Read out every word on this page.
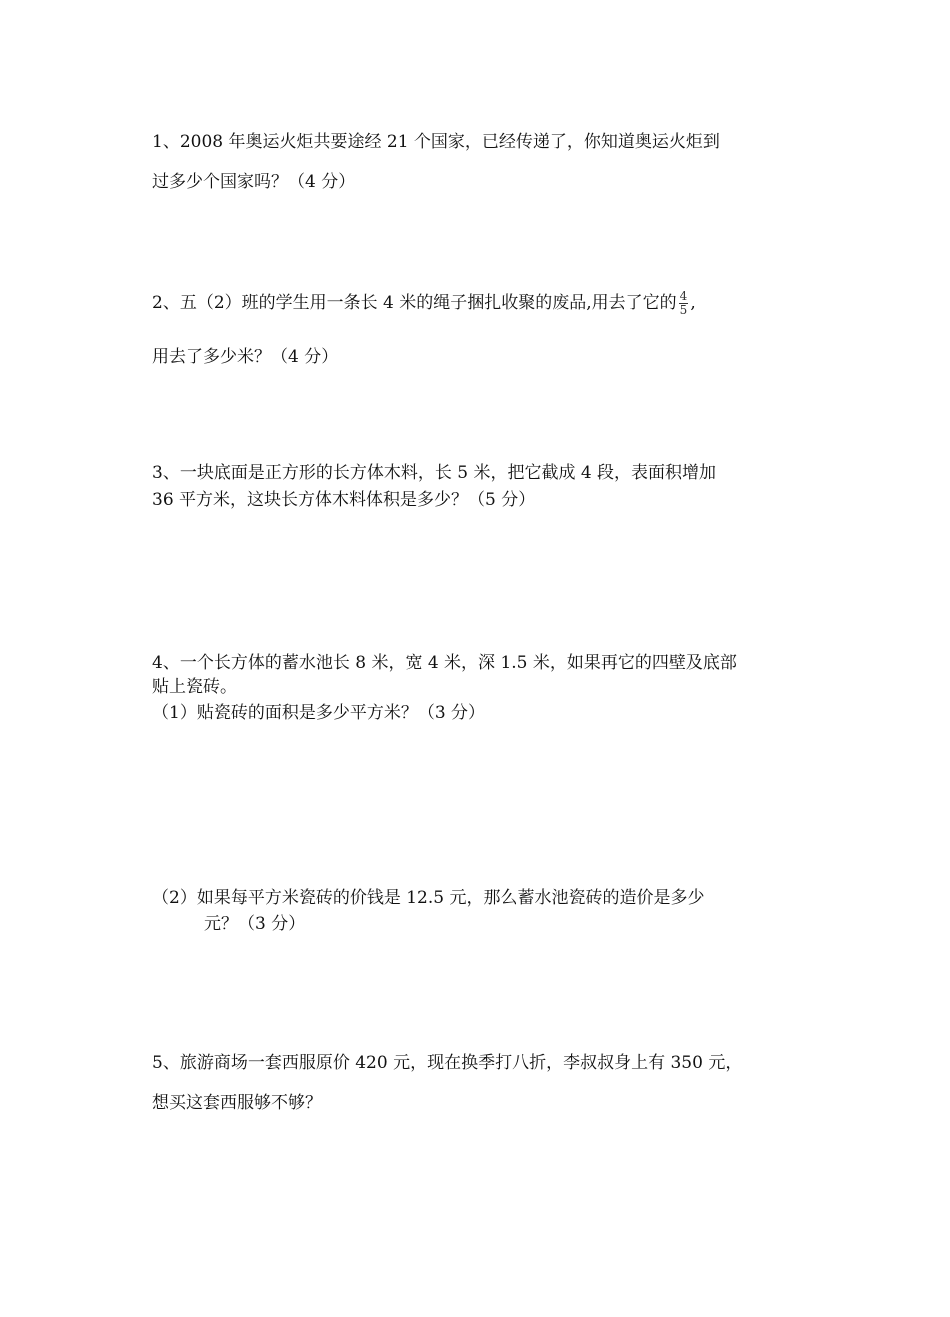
1、2008 年奥运火炬共要途经 21 个国家，已经传递了，你知道奥运火炬到
过多少个国家吗？（4 分）
2、五（2）班的学生用一条长 4 米的绳子捆扎收聚的废品,用去了它的 $\frac{4}{5}$ ,
用去了多少米？（4 分）
3、一块底面是正方形的长方体木料，长 5 米，把它截成 4 段，表面积增加
36 平方米，这块长方体木料体积是多少？（5 分）
4、一个长方体的蓄水池长 8 米，宽 4 米，深 1.5 米，如果再它的四壁及底部
贴上瓷砖。
（1）贴瓷砖的面积是多少平方米？（3 分）
（2）如果每平方米瓷砖的价钱是 12.5 元，那么蓄水池瓷砖的造价是多少
元？（3 分）
5、旅游商场一套西服原价 420 元，现在换季打八折，李叔叔身上有 350 元，
想买这套西服够不够？
